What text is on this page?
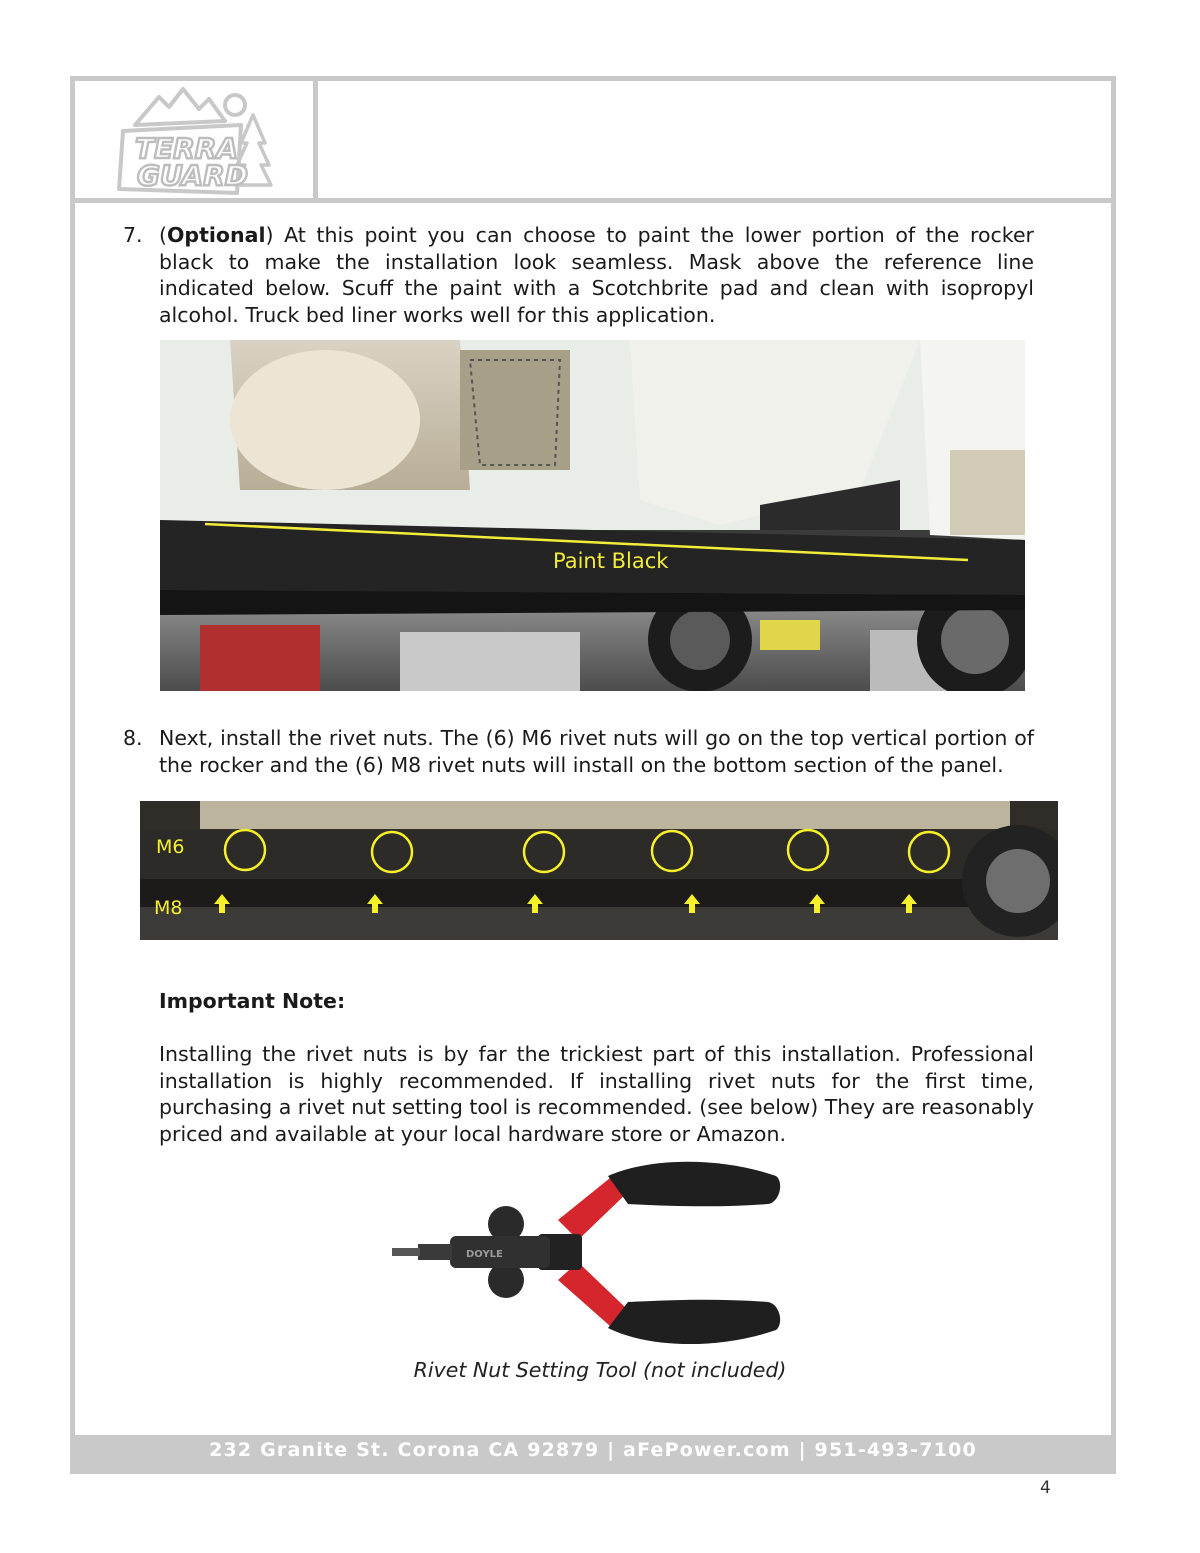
TERRA
GUARD
7. (Optional) At this point you can choose to paint the lower portion of the rocker black to make the installation look seamless. Mask above the reference line indicated below. Scuff the paint with a Scotchbrite pad and clean with isopropyl alcohol. Truck bed liner works well for this application.
Paint Black
8. Next, install the rivet nuts. The (6) M6 rivet nuts will go on the top vertical portion of the rocker and the (6) M8 rivet nuts will install on the bottom section of the panel.
M6
M8
Important Note:
Installing the rivet nuts is by far the trickiest part of this installation. Professional installation is highly recommended. If installing rivet nuts for the first time, purchasing a rivet nut setting tool is recommended. (see below) They are reasonably priced and available at your local hardware store or Amazon.
DOYLE
Rivet Nut Setting Tool (not included)
232 Granite St. Corona CA 92879 | aFePower.com | 951-493-7100
4
